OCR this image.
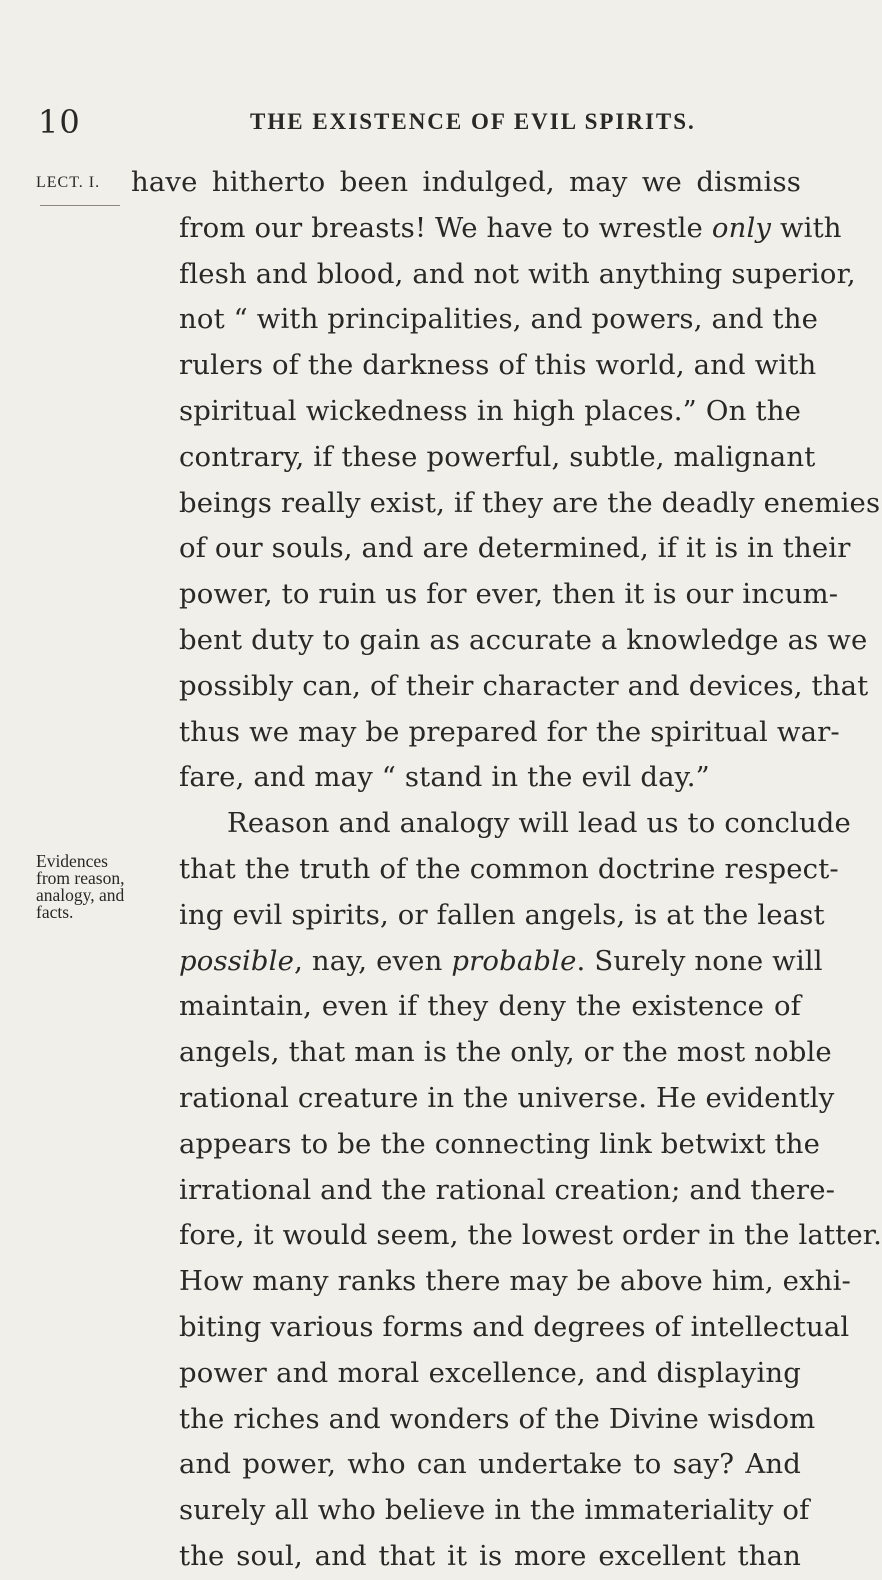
10	THE EXISTENCE OF EVIL SPIRITS.
LECT. I.
Evidences
from reason,
analogy, and
facts.
have hitherto been indulged, may we dismiss
from our breasts! We have to wrestle only with
flesh and blood, and not with anything superior,
not “ with principalities, and powers, and the
rulers of the darkness of this world, and with
spiritual wickedness in high places.” On the
contrary, if these powerful, subtle, malignant
beings really exist, if they are the deadly enemies
of our souls, and are determined, if it is in their
power, to ruin us for ever, then it is our incum-
bent duty to gain as accurate a knowledge as we
possibly can, of their character and devices, that
thus we may be prepared for the spiritual war-
fare, and may “ stand in the evil day.”
Reason and analogy will lead us to conclude
that the truth of the common doctrine respect-
ing evil spirits, or fallen angels, is at the least
possible, nay, even probable. Surely none will
maintain, even if they deny the existence of
angels, that man is the only, or the most noble
rational creature in the universe. He evidently
appears to be the connecting link betwixt the
irrational and the rational creation; and there-
fore, it would seem, the lowest order in the latter.
How many ranks there may be above him, exhi-
biting various forms and degrees of intellectual
power and moral excellence, and displaying
the riches and wonders of the Divine wisdom
and power, who can undertake to say? And
surely all who believe in the immateriality of
the soul, and that it is more excellent than
